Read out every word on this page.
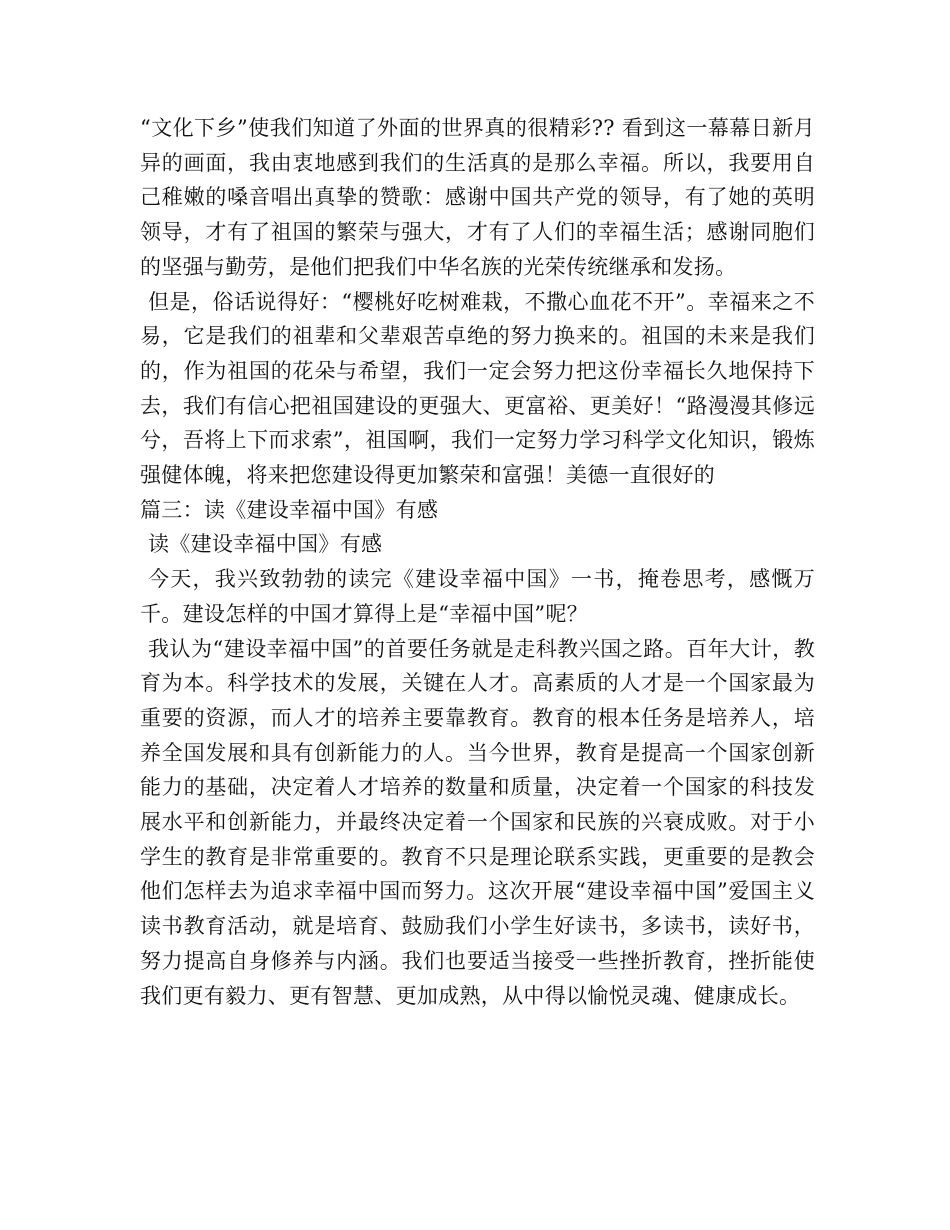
“文化下乡”使我们知道了外面的世界真的很精彩?? 看到这一幕幕日新月异的画面，我由衷地感到我们的生活真的是那么幸福。所以，我要用自己稚嫩的嗓音唱出真挚的赞歌：感谢中国共产党的领导，有了她的英明领导，才有了祖国的繁荣与强大，才有了人们的幸福生活；感谢同胞们的坚强与勤劳，是他们把我们中华名族的光荣传统继承和发扬。

但是，俗话说得好：“樱桃好吃树难栽，不撒心血花不开”。幸福来之不易，它是我们的祖辈和父辈艰苦卓绝的努力换来的。祖国的未来是我们的，作为祖国的花朵与希望，我们一定会努力把这份幸福长久地保持下去，我们有信心把祖国建设的更强大、更富裕、更美好！“路漫漫其修远兮，吾将上下而求索”，祖国啊，我们一定努力学习科学文化知识，锻炼强健体魄，将来把您建设得更加繁荣和富强！美德一直很好的

篇三：读《建设幸福中国》有感

读《建设幸福中国》有感

今天，我兴致勃勃的读完《建设幸福中国》一书，掩卷思考，感慨万千。建设怎样的中国才算得上是“幸福中国”呢？

我认为“建设幸福中国”的首要任务就是走科教兴国之路。百年大计，教育为本。科学技术的发展，关键在人才。高素质的人才是一个国家最为重要的资源，而人才的培养主要靠教育。教育的根本任务是培养人，培养全国发展和具有创新能力的人。当今世界，教育是提高一个国家创新能力的基础，决定着人才培养的数量和质量，决定着一个国家的科技发展水平和创新能力，并最终决定着一个国家和民族的兴衰成败。对于小学生的教育是非常重要的。教育不只是理论联系实践，更重要的是教会他们怎样去为追求幸福中国而努力。这次开展“建设幸福中国”爱国主义读书教育活动，就是培育、鼓励我们小学生好读书，多读书，读好书，努力提高自身修养与内涵。我们也要适当接受一些挫折教育，挫折能使我们更有毅力、更有智慧、更加成熟，从中得以愉悦灵魂、健康成长。
